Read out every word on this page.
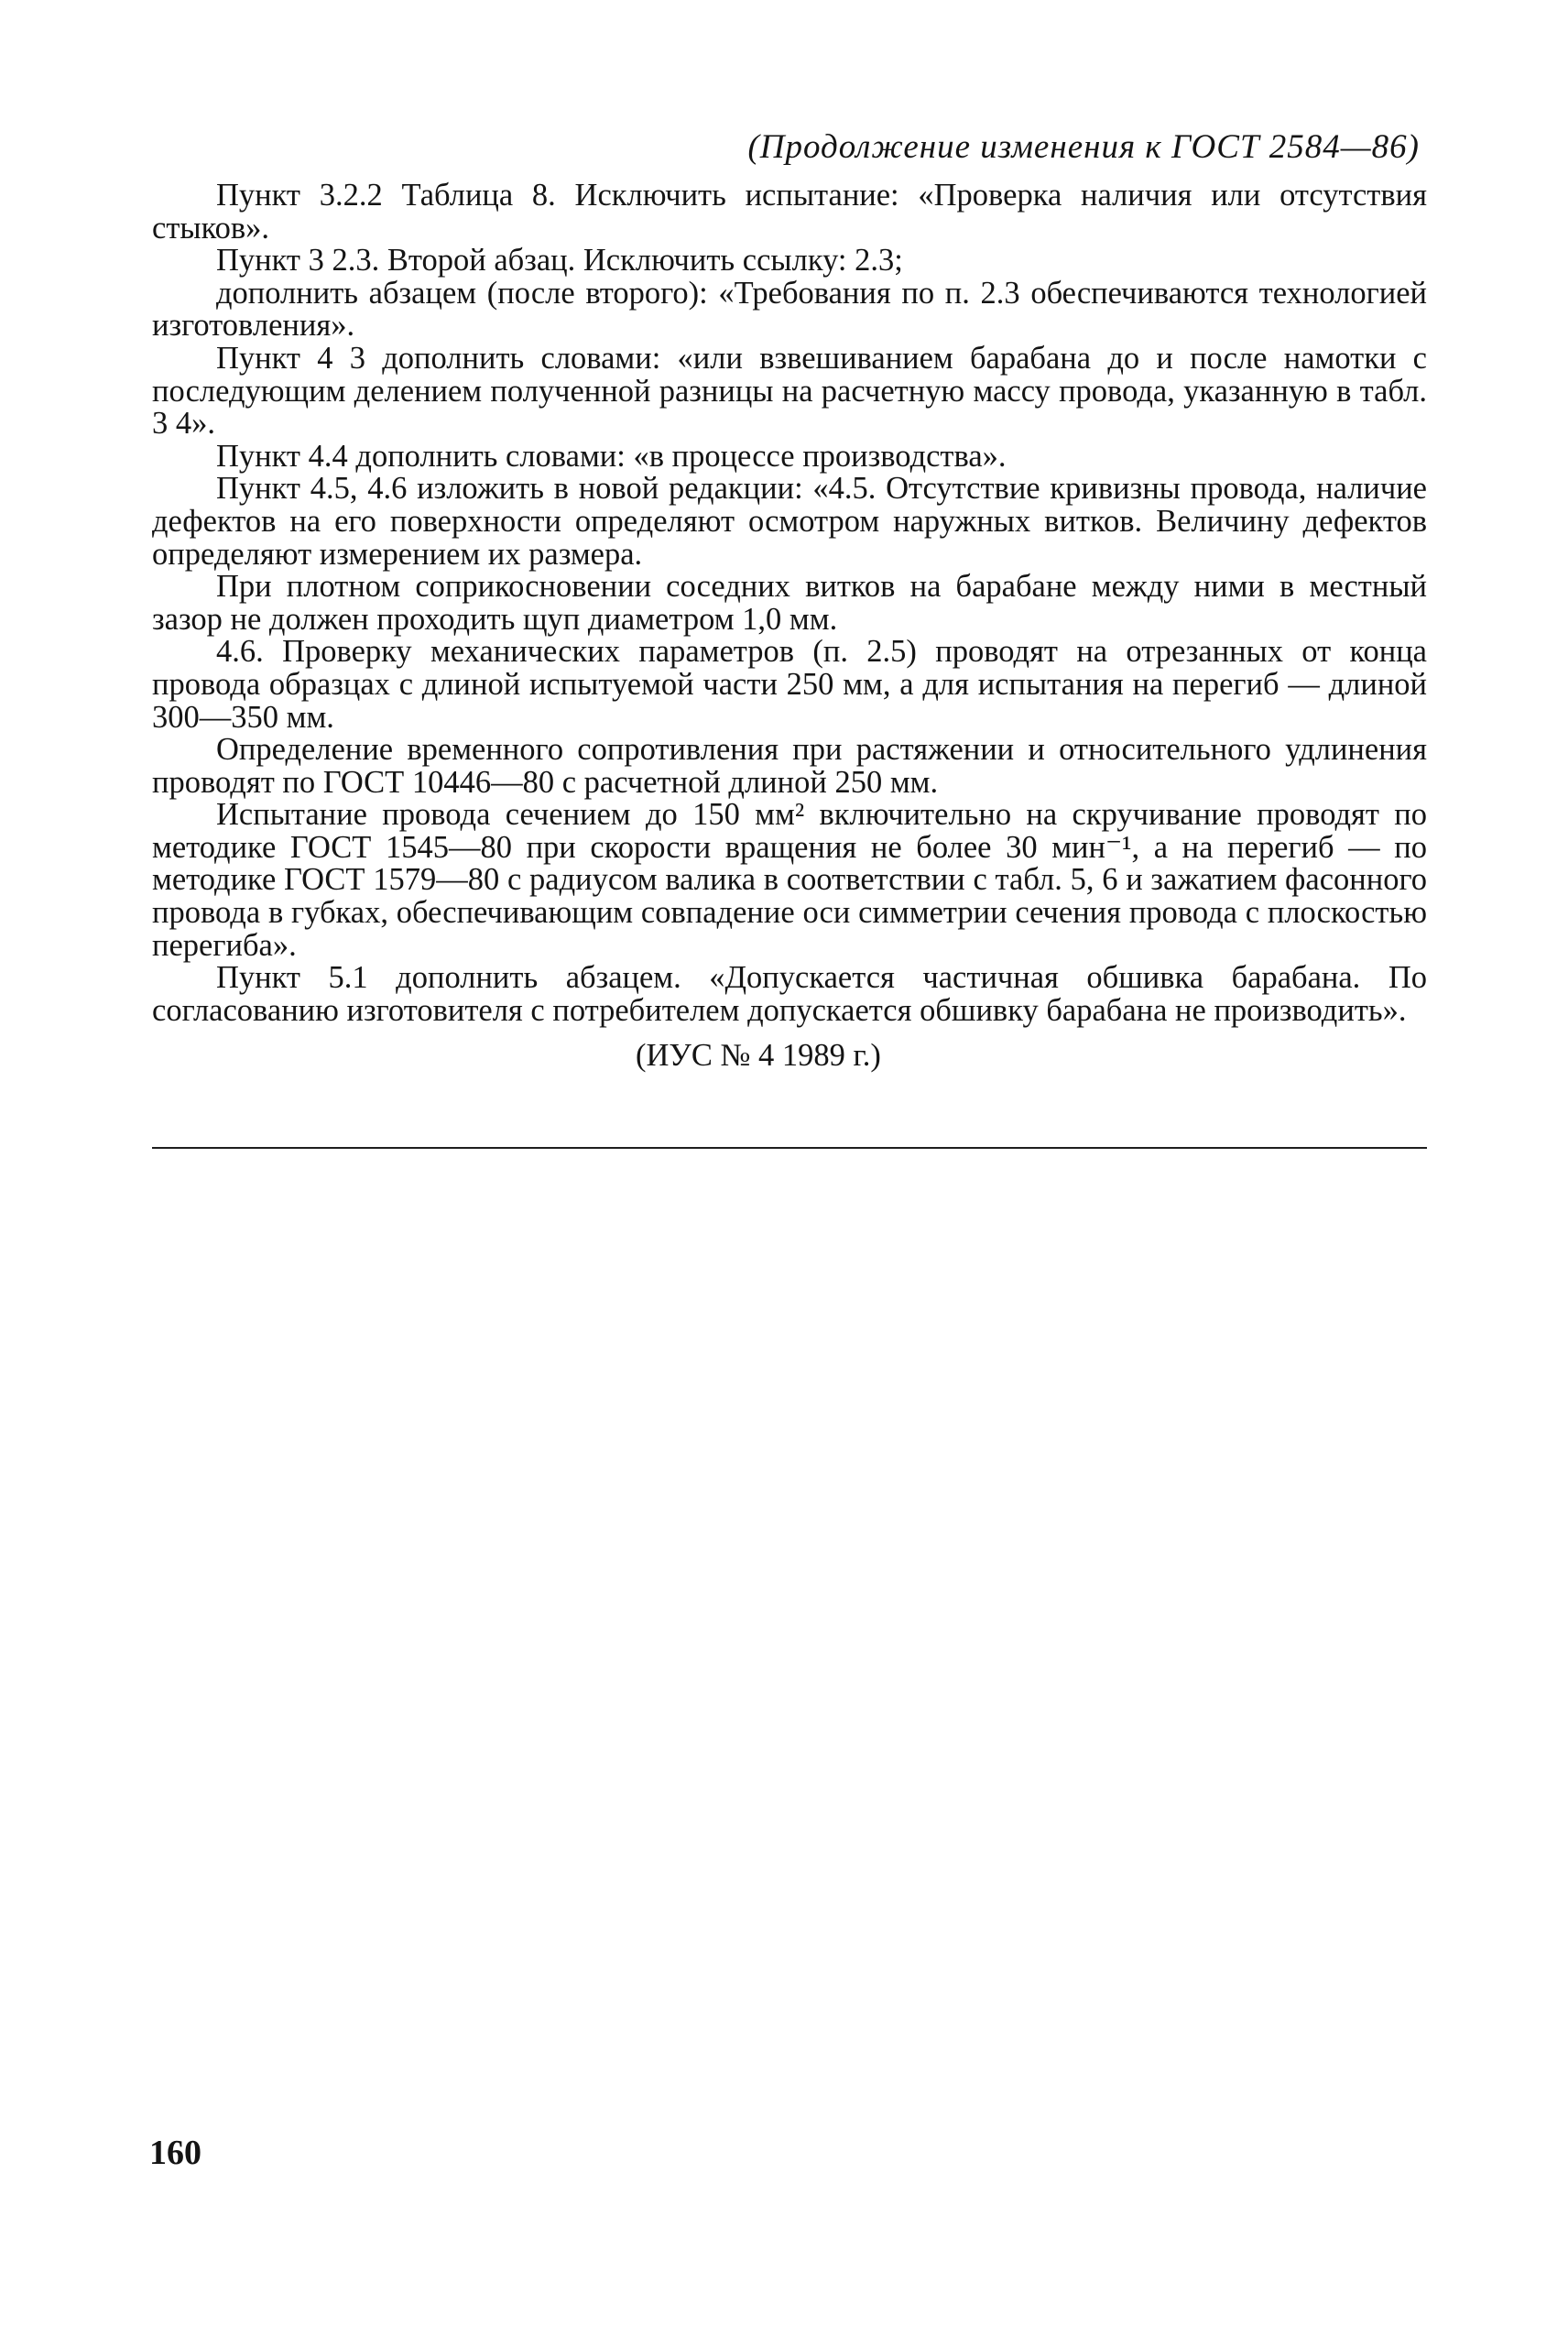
(Продолжение изменения к ГОСТ 2584—86)

Пункт 3.2.2 Таблица 8. Исключить испытание: «Проверка наличия или отсутствия стыков».

Пункт 3 2.3. Второй абзац. Исключить ссылку: 2.3;

дополнить абзацем (после второго): «Требования по п. 2.3 обеспечиваются технологией изготовления».

Пункт 4 3 дополнить словами: «или взвешиванием барабана до и после намотки с последующим делением полученной разницы на расчетную массу провода, указанную в табл. 3 4».

Пункт 4.4 дополнить словами: «в процессе производства».

Пункт 4.5, 4.6 изложить в новой редакции: «4.5. Отсутствие кривизны провода, наличие дефектов на его поверхности определяют осмотром наружных витков. Величину дефектов определяют измерением их размера.

При плотном соприкосновении соседних витков на барабане между ними в местный зазор не должен проходить щуп диаметром 1,0 мм.

4.6. Проверку механических параметров (п. 2.5) проводят на отрезанных от конца провода образцах с длиной испытуемой части 250 мм, а для испытания на перегиб — длиной 300—350 мм.

Определение временного сопротивления при растяжении и относительного удлинения проводят по ГОСТ 10446—80 с расчетной длиной 250 мм.

Испытание провода сечением до 150 мм² включительно на скручивание проводят по методике ГОСТ 1545—80 при скорости вращения не более 30 мин⁻¹, а на перегиб — по методике ГОСТ 1579—80 с радиусом валика в соответствии с табл. 5, 6 и зажатием фасонного провода в губках, обеспечивающим совпадение оси симметрии сечения провода с плоскостью перегиба».

Пункт 5.1 дополнить абзацем. «Допускается частичная обшивка барабана. По согласованию изготовителя с потребителем допускается обшивку барабана не производить».

(ИУС № 4 1989 г.)

160
